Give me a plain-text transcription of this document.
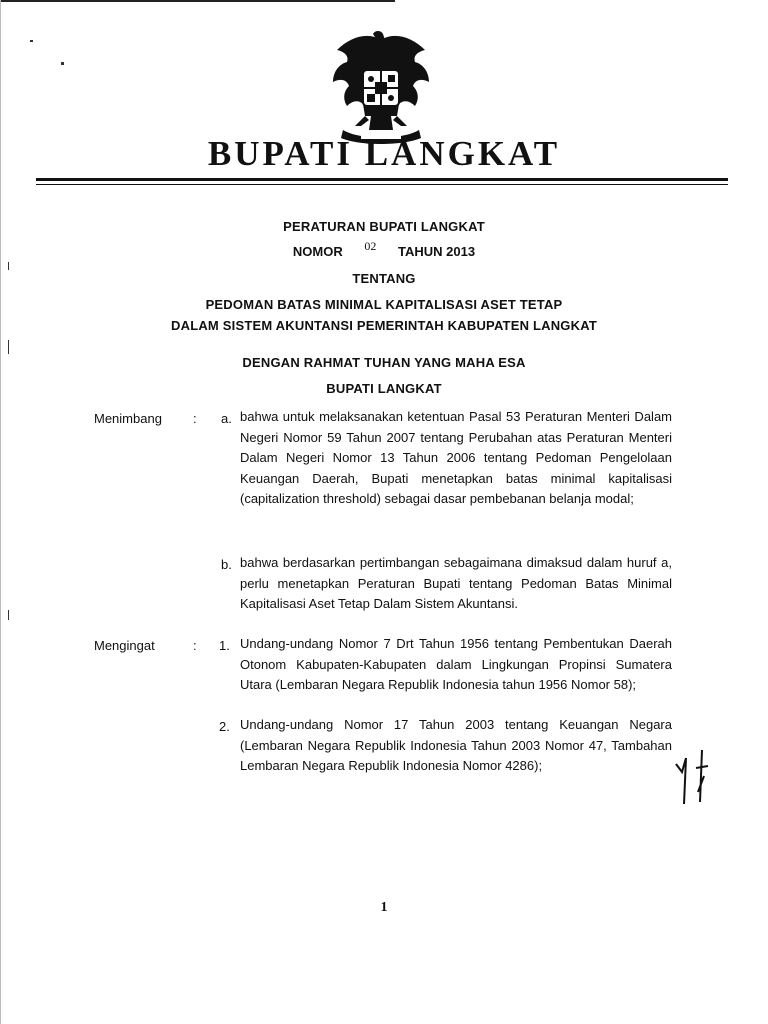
BUPATI LANGKAT
PERATURAN BUPATI LANGKAT
NOMOR 02 TAHUN 2013
TENTANG
PEDOMAN BATAS MINIMAL KAPITALISASI ASET TETAP
DALAM SISTEM AKUNTANSI PEMERINTAH KABUPATEN LANGKAT
DENGAN RAHMAT TUHAN YANG MAHA ESA
BUPATI LANGKAT
Menimbang : a. bahwa untuk melaksanakan ketentuan Pasal 53 Peraturan Menteri Dalam Negeri Nomor 59 Tahun 2007 tentang Perubahan atas Peraturan Menteri Dalam Negeri Nomor 13 Tahun 2006 tentang Pedoman Pengelolaan Keuangan Daerah, Bupati menetapkan batas minimal kapitalisasi (capitalization threshold) sebagai dasar pembebanan belanja modal;

b. bahwa berdasarkan pertimbangan sebagaimana dimaksud dalam huruf a, perlu menetapkan Peraturan Bupati tentang Pedoman Batas Minimal Kapitalisasi Aset Tetap Dalam Sistem Akuntansi.

Mengingat	: 1. Undang-undang Nomor 7 Drt Tahun 1956 tentang Pembentukan Daerah Otonom Kabupaten-Kabupaten dalam Lingkungan Propinsi Sumatera Utara (Lembaran Negara Republik Indonesia tahun 1956 Nomor 58);

2. Undang-undang Nomor 17 Tahun 2003 tentang Keuangan Negara (Lembaran Negara Republik Indonesia Tahun 2003 Nomor 47, Tambahan Lembaran Negara Republik Indonesia Nomor 4286);

1
